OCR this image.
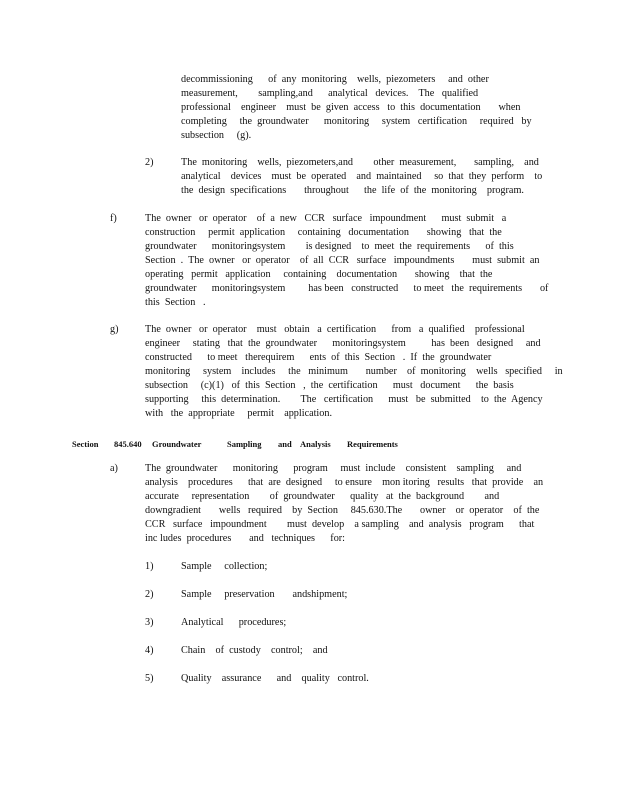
decommissioning      of  any  monitoring    wells,  piezometers     and  other
measurement,        sampling,and      analytical   devices.    The   qualified
professional    engineer    must  be  given  access   to  this  documentation       when
completing     the  groundwater      monitoring     system   certification     required   by
subsection     (g).
2)	The  monitoring    wells,  piezometers,and        other  measurement,       sampling,    and
analytical    devices    must  be  operated    and  maintained     so  that  they  perform    to
the  design  specifications       throughout      the  life  of  the  monitoring    program.
f)	The  owner   or  operator    of  a  new   CCR   surface   impoundment      must  submit   a
construction     permit  application     containing   documentation       showing   that  the
groundwater      monitoringsystem        is designed    to  meet  the  requirements      of  this
Section  .  The  owner   or  operator    of  all  CCR   surface   impoundments       must  submit  an
operating   permit   application     containing    documentation       showing    that  the
groundwater      monitoringsystem         has been   constructed      to meet   the  requirements       of
this  Section   .
g)	The  owner   or  operator    must   obtain   a  certification      from   a  qualified    professional
engineer     stating   that  the  groundwater      monitoringsystem          has  been   designed     and
constructed      to meet   therequirem      ents  of  this  Section   .  If  the  groundwater
monitoring     system    includes     the   minimum       number    of  monitoring    wells   specified     in
subsection     (c)(1)   of  this  Section   ,  the  certification      must   document      the  basis
supporting     this  determination.        The   certification      must   be  submitted    to  the  Agency
with   the  appropriate     permit    application.
Section 845.640 Groundwater	Sampling and Analysis Requirements
a)	The  groundwater      monitoring      program     must  include    consistent    sampling     and
analysis    procedures      that  are  designed     to ensure    mon itoring   results   that  provide    an
accurate     representation        of  groundwater      quality   at  the  background        and
downgradient       wells   required    by  Section     845.630.The       owner    or  operator    of  the
CCR   surface   impoundment        must  develop    a sampling    and  analysis   program      that
inc ludes  procedures       and   techniques      for:
1)	Sample     collection;
2)	Sample     preservation       andshipment;
3)	Analytical      procedures;
4)	Chain    of  custody    control;    and
5)	Quality    assurance      and    quality   control.
